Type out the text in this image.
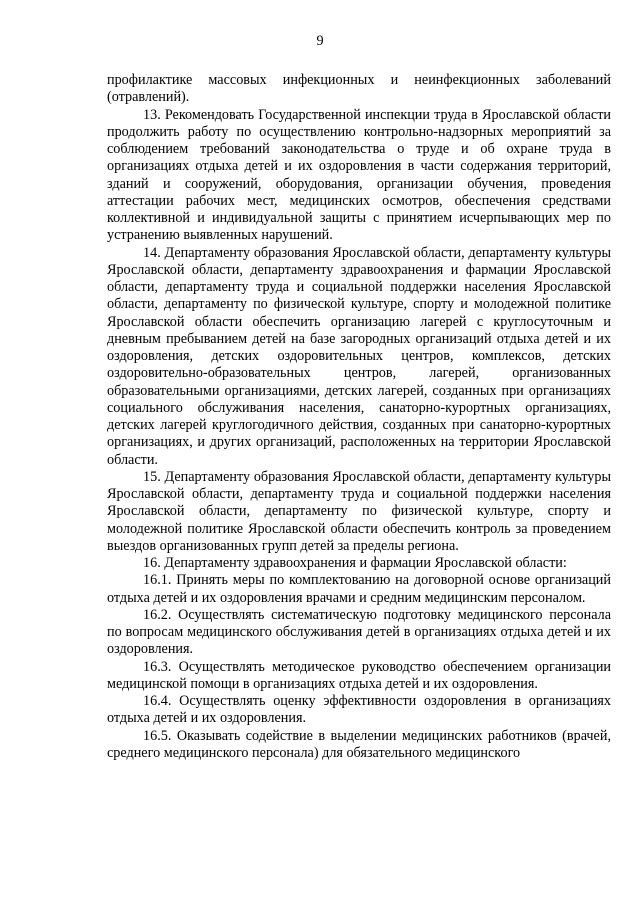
9

профилактике массовых инфекционных и неинфекционных заболеваний (отравлений).

13. Рекомендовать Государственной инспекции труда в Ярославской области продолжить работу по осуществлению контрольно-надзорных мероприятий за соблюдением требований законодательства о труде и об охране труда в организациях отдыха детей и их оздоровления в части содержания территорий, зданий и сооружений, оборудования, организации обучения, проведения аттестации рабочих мест, медицинских осмотров, обеспечения средствами коллективной и индивидуальной защиты с принятием исчерпывающих мер по устранению выявленных нарушений.

14. Департаменту образования Ярославской области, департаменту культуры Ярославской области, департаменту здравоохранения и фармации Ярославской области, департаменту труда и социальной поддержки населения Ярославской области, департаменту по физической культуре, спорту и молодежной политике Ярославской области обеспечить организацию лагерей с круглосуточным и дневным пребыванием детей на базе загородных организаций отдыха детей и их оздоровления, детских оздоровительных центров, комплексов, детских оздоровительно-образовательных центров, лагерей, организованных образовательными организациями, детских лагерей, созданных при организациях социального обслуживания населения, санаторно-курортных организациях, детских лагерей круглогодичного действия, созданных при санаторно-курортных организациях, и других организаций, расположенных на территории Ярославской области.

15. Департаменту образования Ярославской области, департаменту культуры Ярославской области, департаменту труда и социальной поддержки населения Ярославской области, департаменту по физической культуре, спорту и молодежной политике Ярославской области обеспечить контроль за проведением выездов организованных групп детей за пределы региона.

16. Департаменту здравоохранения и фармации Ярославской области:

16.1. Принять меры по комплектованию на договорной основе организаций отдыха детей и их оздоровления врачами и средним медицинским персоналом.

16.2. Осуществлять систематическую подготовку медицинского персонала по вопросам медицинского обслуживания детей в организациях отдыха детей и их оздоровления.

16.3. Осуществлять методическое руководство обеспечением организации медицинской помощи в организациях отдыха детей и их оздоровления.

16.4. Осуществлять оценку эффективности оздоровления в организациях отдыха детей и их оздоровления.

16.5. Оказывать содействие в выделении медицинских работников (врачей, среднего медицинского персонала) для обязательного медицинского
